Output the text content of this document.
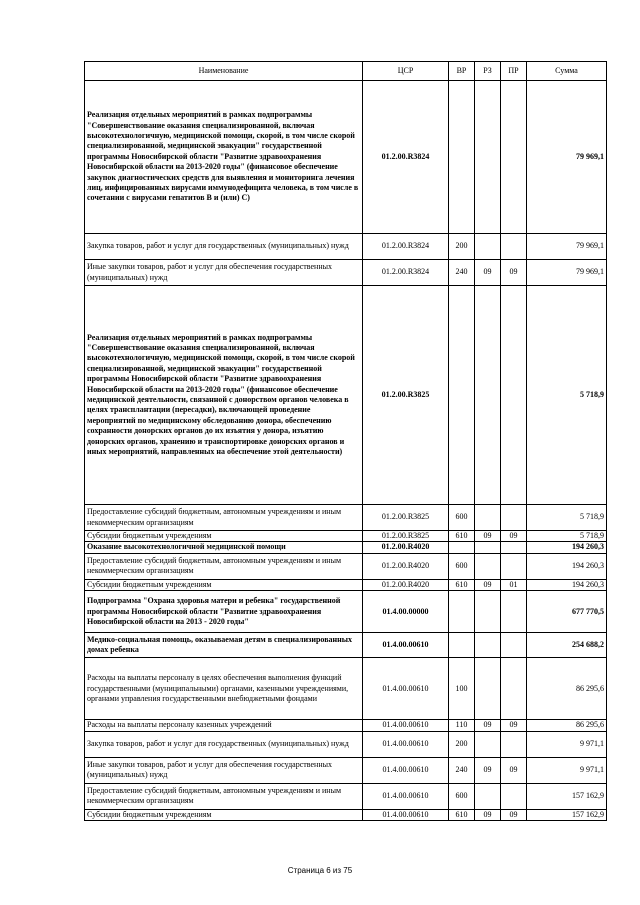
Наименование	ЦСР	ВР	РЗ	ПР	Сумма
Реализация отдельных мероприятий в рамках подпрограммы "Совершенствование оказания специализированной, включая высокотехнологичную, медицинской помощи, скорой, в том числе скорой специализированной, медицинской эвакуации" государственной программы Новосибирской области "Развитие здравоохранения Новосибирской области на 2013-2020 годы" (финансовое обеспечение закупок диагностических средств для выявления и мониторинга лечения лиц, инфицированных вирусами иммунодефицита человека, в том числе в сочетании с вирусами гепатитов В и (или) С)	01.2.00.R3824				79 969,1
Закупка товаров, работ и услуг для государственных (муниципальных) нужд	01.2.00.R3824	200			79 969,1
Иные закупки товаров, работ и услуг для обеспечения государственных (муниципальных) нужд	01.2.00.R3824	240	09	09	79 969,1
Реализация отдельных мероприятий в рамках подпрограммы "Совершенствование оказания специализированной, включая высокотехнологичную, медицинской помощи, скорой, в том числе скорой специализированной, медицинской эвакуации" государственной программы Новосибирской области "Развитие здравоохранения Новосибирской области на 2013-2020 годы" (финансовое обеспечение медицинской деятельности, связанной с донорством органов человека в целях трансплантации (пересадки), включающей проведение мероприятий по медицинскому обследованию донора, обеспечению сохранности донорских органов до их изъятия у донора, изъятию донорских органов, хранению и транспортировке донорских органов и иных мероприятий, направленных на обеспечение этой деятельности)	01.2.00.R3825				5 718,9
Предоставление субсидий бюджетным, автономным учреждениям и иным некоммерческим организациям	01.2.00.R3825	600			5 718,9
Субсидии бюджетным учреждениям	01.2.00.R3825	610	09	09	5 718,9
Оказание высокотехнологичной медицинской помощи	01.2.00.R4020				194 260,3
Предоставление субсидий бюджетным, автономным учреждениям и иным некоммерческим организациям	01.2.00.R4020	600			194 260,3
Субсидии бюджетным учреждениям	01.2.00.R4020	610	09	01	194 260,3
Подпрограмма "Охрана здоровья матери и ребенка" государственной программы Новосибирской области "Развитие здравоохранения Новосибирской области на 2013 - 2020 годы"	01.4.00.00000				677 770,5
Медико-социальная помощь, оказываемая детям в специализированных домах ребенка	01.4.00.00610				254 688,2
Расходы на выплаты персоналу в целях обеспечения выполнения функций государственными (муниципальными) органами, казенными учреждениями, органами управления государственными внебюджетными фондами	01.4.00.00610	100			86 295,6
Расходы на выплаты персоналу казенных учреждений	01.4.00.00610	110	09	09	86 295,6
Закупка товаров, работ и услуг для государственных (муниципальных) нужд	01.4.00.00610	200			9 971,1
Иные закупки товаров, работ и услуг для обеспечения государственных (муниципальных) нужд	01.4.00.00610	240	09	09	9 971,1
Предоставление субсидий бюджетным, автономным учреждениям и иным некоммерческим организациям	01.4.00.00610	600			157 162,9
Субсидии бюджетным учреждениям	01.4.00.00610	610	09	09	157 162,9
Страница 6 из 75
